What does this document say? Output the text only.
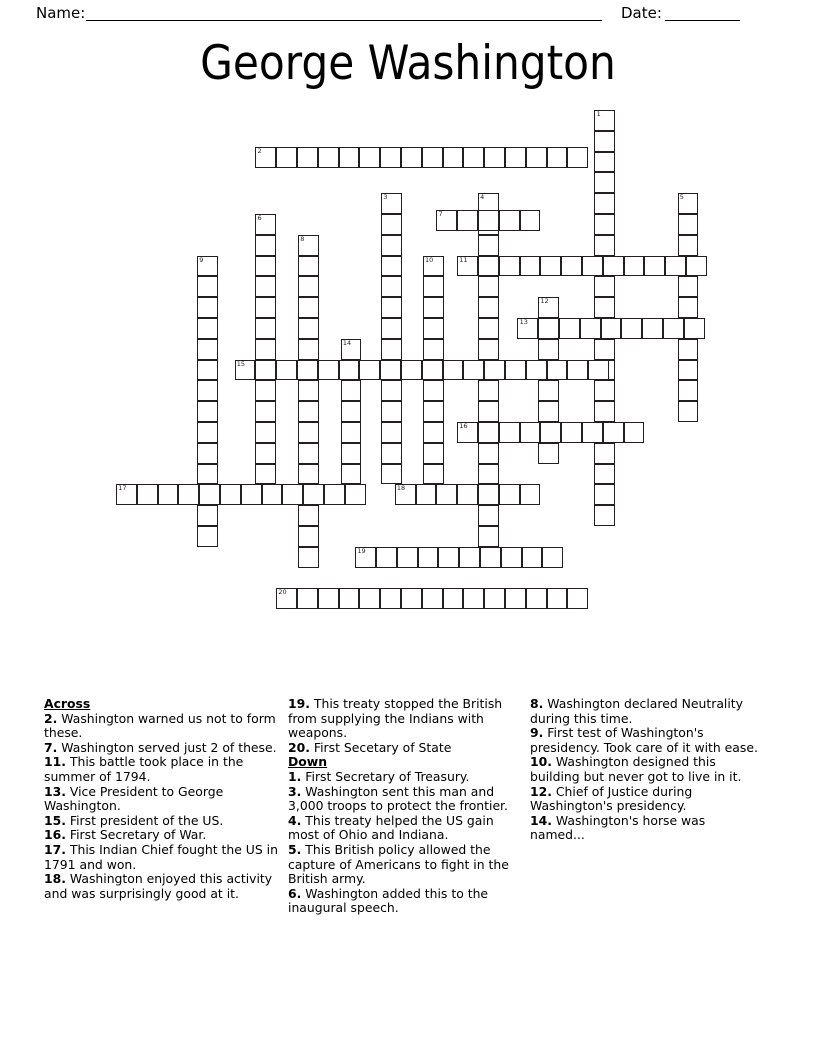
Name:	Date:
George Washington
1
2
3	4	5
6
7
8
9	10	11
12
13
14
15
16
17	18
19
20
Across
2. Washington warned us not to form these.
7. Washington served just 2 of these.
11. This battle took place in the summer of 1794.
13. Vice President to George Washington.
15. First president of the US.
16. First Secretary of War.
17. This Indian Chief fought the US in 1791 and won.
18. Washington enjoyed this activity and was surprisingly good at it.
19. This treaty stopped the British from supplying the Indians with weapons.
20. First Secetary of State
Down
1. First Secretary of Treasury.
3. Washington sent this man and 3,000 troops to protect the frontier.
4. This treaty helped the US gain most of Ohio and Indiana.
5. This British policy allowed the capture of Americans to fight in the British army.
6. Washington added this to the inaugural speech.
8. Washington declared Neutrality during this time.
9. First test of Washington's presidency. Took care of it with ease.
10. Washington designed this building but never got to live in it.
12. Chief of Justice during Washington's presidency.
14. Washington's horse was named...
